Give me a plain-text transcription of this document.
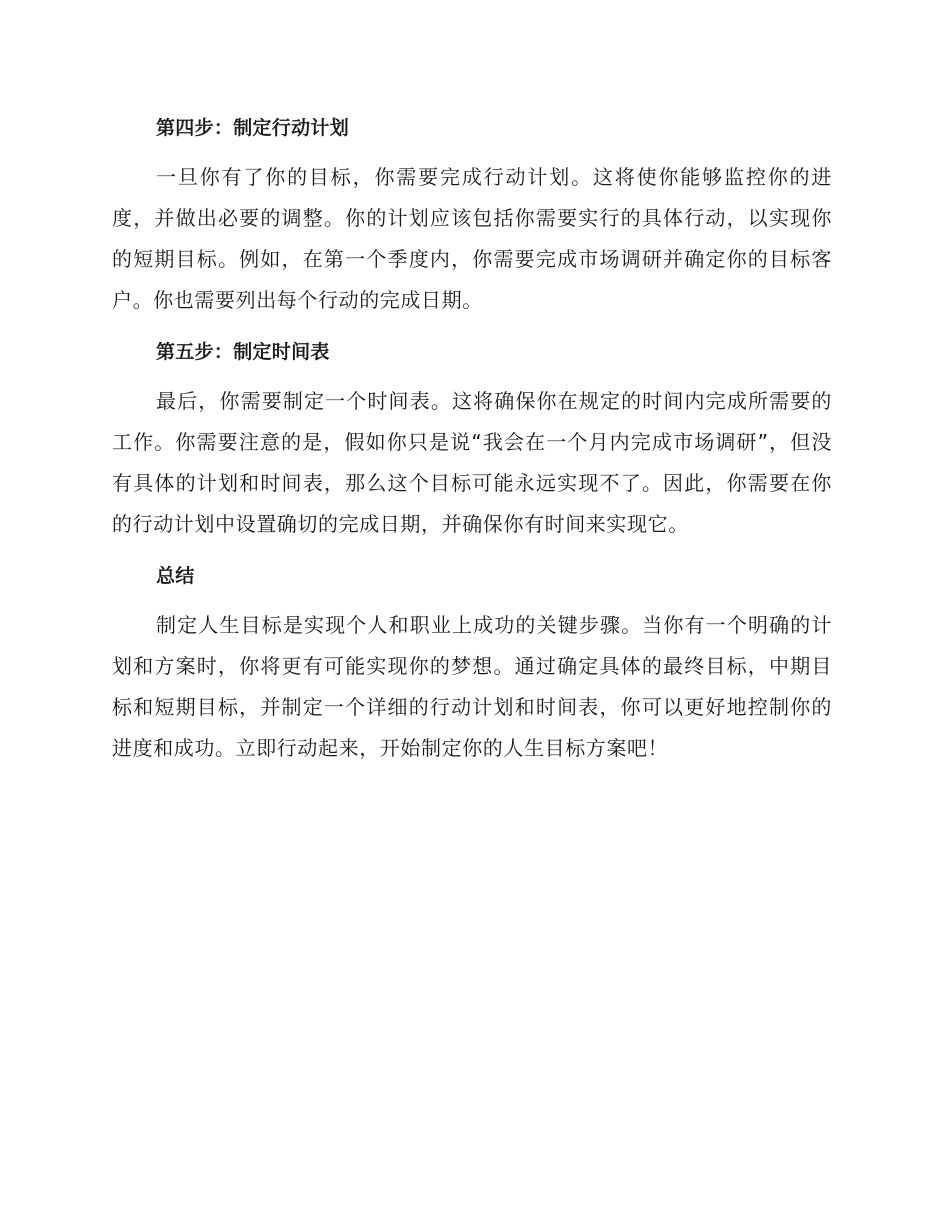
第四步：制定行动计划

一旦你有了你的目标，你需要完成行动计划。这将使你能够监控你的进度，并做出必要的调整。你的计划应该包括你需要实行的具体行动，以实现你的短期目标。例如，在第一个季度内，你需要完成市场调研并确定你的目标客户。你也需要列出每个行动的完成日期。

第五步：制定时间表

最后，你需要制定一个时间表。这将确保你在规定的时间内完成所需要的工作。你需要注意的是，假如你只是说“我会在一个月内完成市场调研”，但没有具体的计划和时间表，那么这个目标可能永远实现不了。因此，你需要在你的行动计划中设置确切的完成日期，并确保你有时间来实现它。

总结

制定人生目标是实现个人和职业上成功的关键步骤。当你有一个明确的计划和方案时，你将更有可能实现你的梦想。通过确定具体的最终目标，中期目标和短期目标，并制定一个详细的行动计划和时间表，你可以更好地控制你的进度和成功。立即行动起来，开始制定你的人生目标方案吧！
